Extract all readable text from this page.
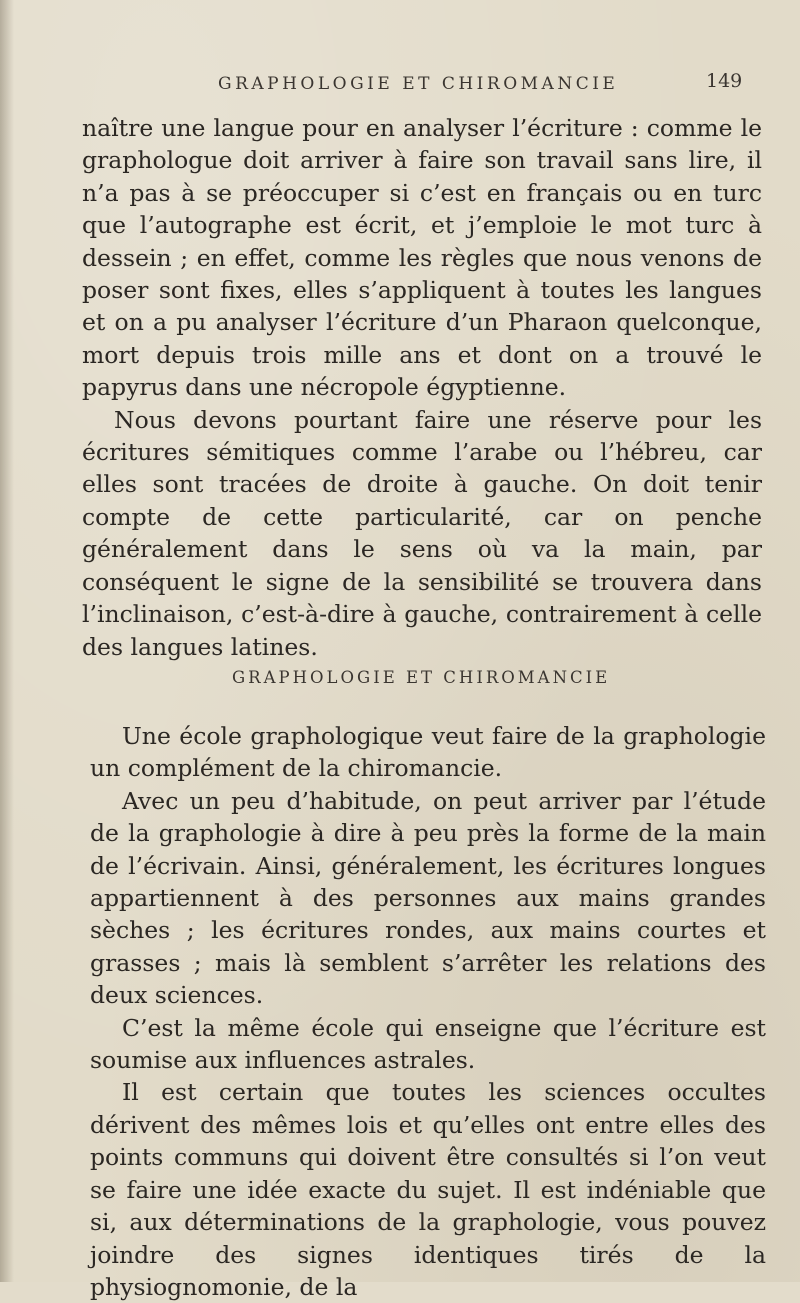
GRAPHOLOGIE ET CHIROMANCIE	149

naître une langue pour en analyser l’écriture : comme le graphologue doit arriver à faire son travail sans lire, il n’a pas à se préoccuper si c’est en français ou en turc que l’autographe est écrit, et j’emploie le mot turc à dessein ; en effet, comme les règles que nous venons de poser sont fixes, elles s’appliquent à toutes les langues et on a pu analyser l’écriture d’un Pharaon quelconque, mort depuis trois mille ans et dont on a trouvé le papyrus dans une nécropole égyptienne.

Nous devons pourtant faire une réserve pour les écritures sémitiques comme l’arabe ou l’hébreu, car elles sont tracées de droite à gauche. On doit tenir compte de cette particularité, car on penche généralement dans le sens où va la main, par conséquent le signe de la sensibilité se trouvera dans l’inclinaison, c’est-à-dire à gauche, contrairement à celle des langues latines.

GRAPHOLOGIE ET CHIROMANCIE

Une école graphologique veut faire de la graphologie un complément de la chiromancie.

Avec un peu d’habitude, on peut arriver par l’étude de la graphologie à dire à peu près la forme de la main de l’écrivain. Ainsi, généralement, les écritures longues appartiennent à des personnes aux mains grandes sèches ; les écritures rondes, aux mains courtes et grasses ; mais là semblent s’arrêter les relations des deux sciences.

C’est la même école qui enseigne que l’écriture est soumise aux influences astrales.

Il est certain que toutes les sciences occultes dérivent des mêmes lois et qu’elles ont entre elles des points communs qui doivent être consultés si l’on veut se faire une idée exacte du sujet. Il est indéniable que si, aux déterminations de la graphologie, vous pouvez joindre des signes identiques tirés de la physiognomonie, de la
